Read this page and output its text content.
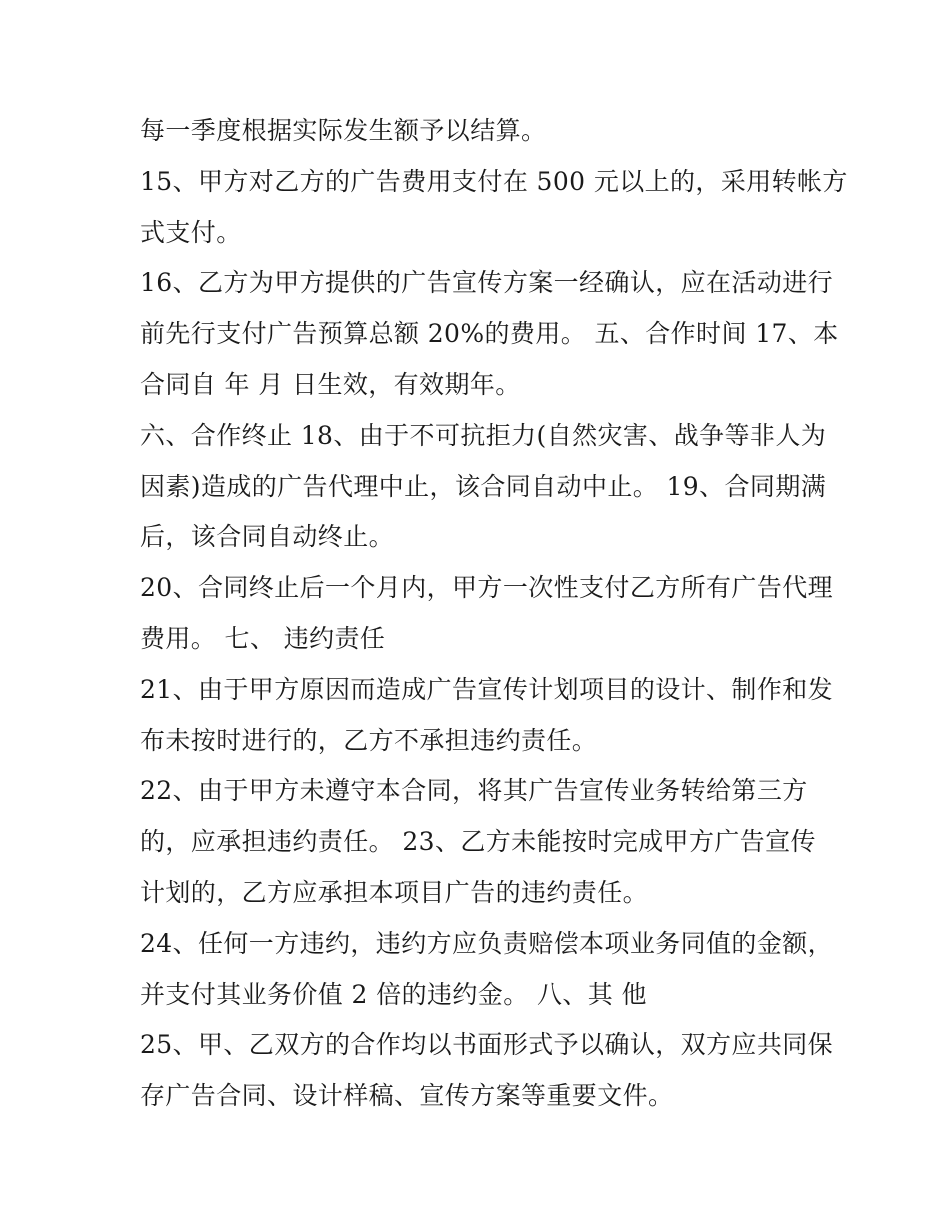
每一季度根据实际发生额予以结算。
15、甲方对乙方的广告费用支付在 500 元以上的，采用转帐方
式支付。
16、乙方为甲方提供的广告宣传方案一经确认，应在活动进行
前先行支付广告预算总额 20%的费用。 五、合作时间 17、本
合同自 年 月 日生效，有效期年。
六、合作终止 18、由于不可抗拒力(自然灾害、战争等非人为
因素)造成的广告代理中止，该合同自动中止。 19、合同期满
后，该合同自动终止。
20、合同终止后一个月内，甲方一次性支付乙方所有广告代理
费用。 七、 违约责任
21、由于甲方原因而造成广告宣传计划项目的设计、制作和发
布未按时进行的，乙方不承担违约责任。
22、由于甲方未遵守本合同，将其广告宣传业务转给第三方
的，应承担违约责任。 23、乙方未能按时完成甲方广告宣传
计划的，乙方应承担本项目广告的违约责任。
24、任何一方违约，违约方应负责赔偿本项业务同值的金额，
并支付其业务价值 2 倍的违约金。 八、其 他
25、甲、乙双方的合作均以书面形式予以确认，双方应共同保
存广告合同、设计样稿、宣传方案等重要文件。
